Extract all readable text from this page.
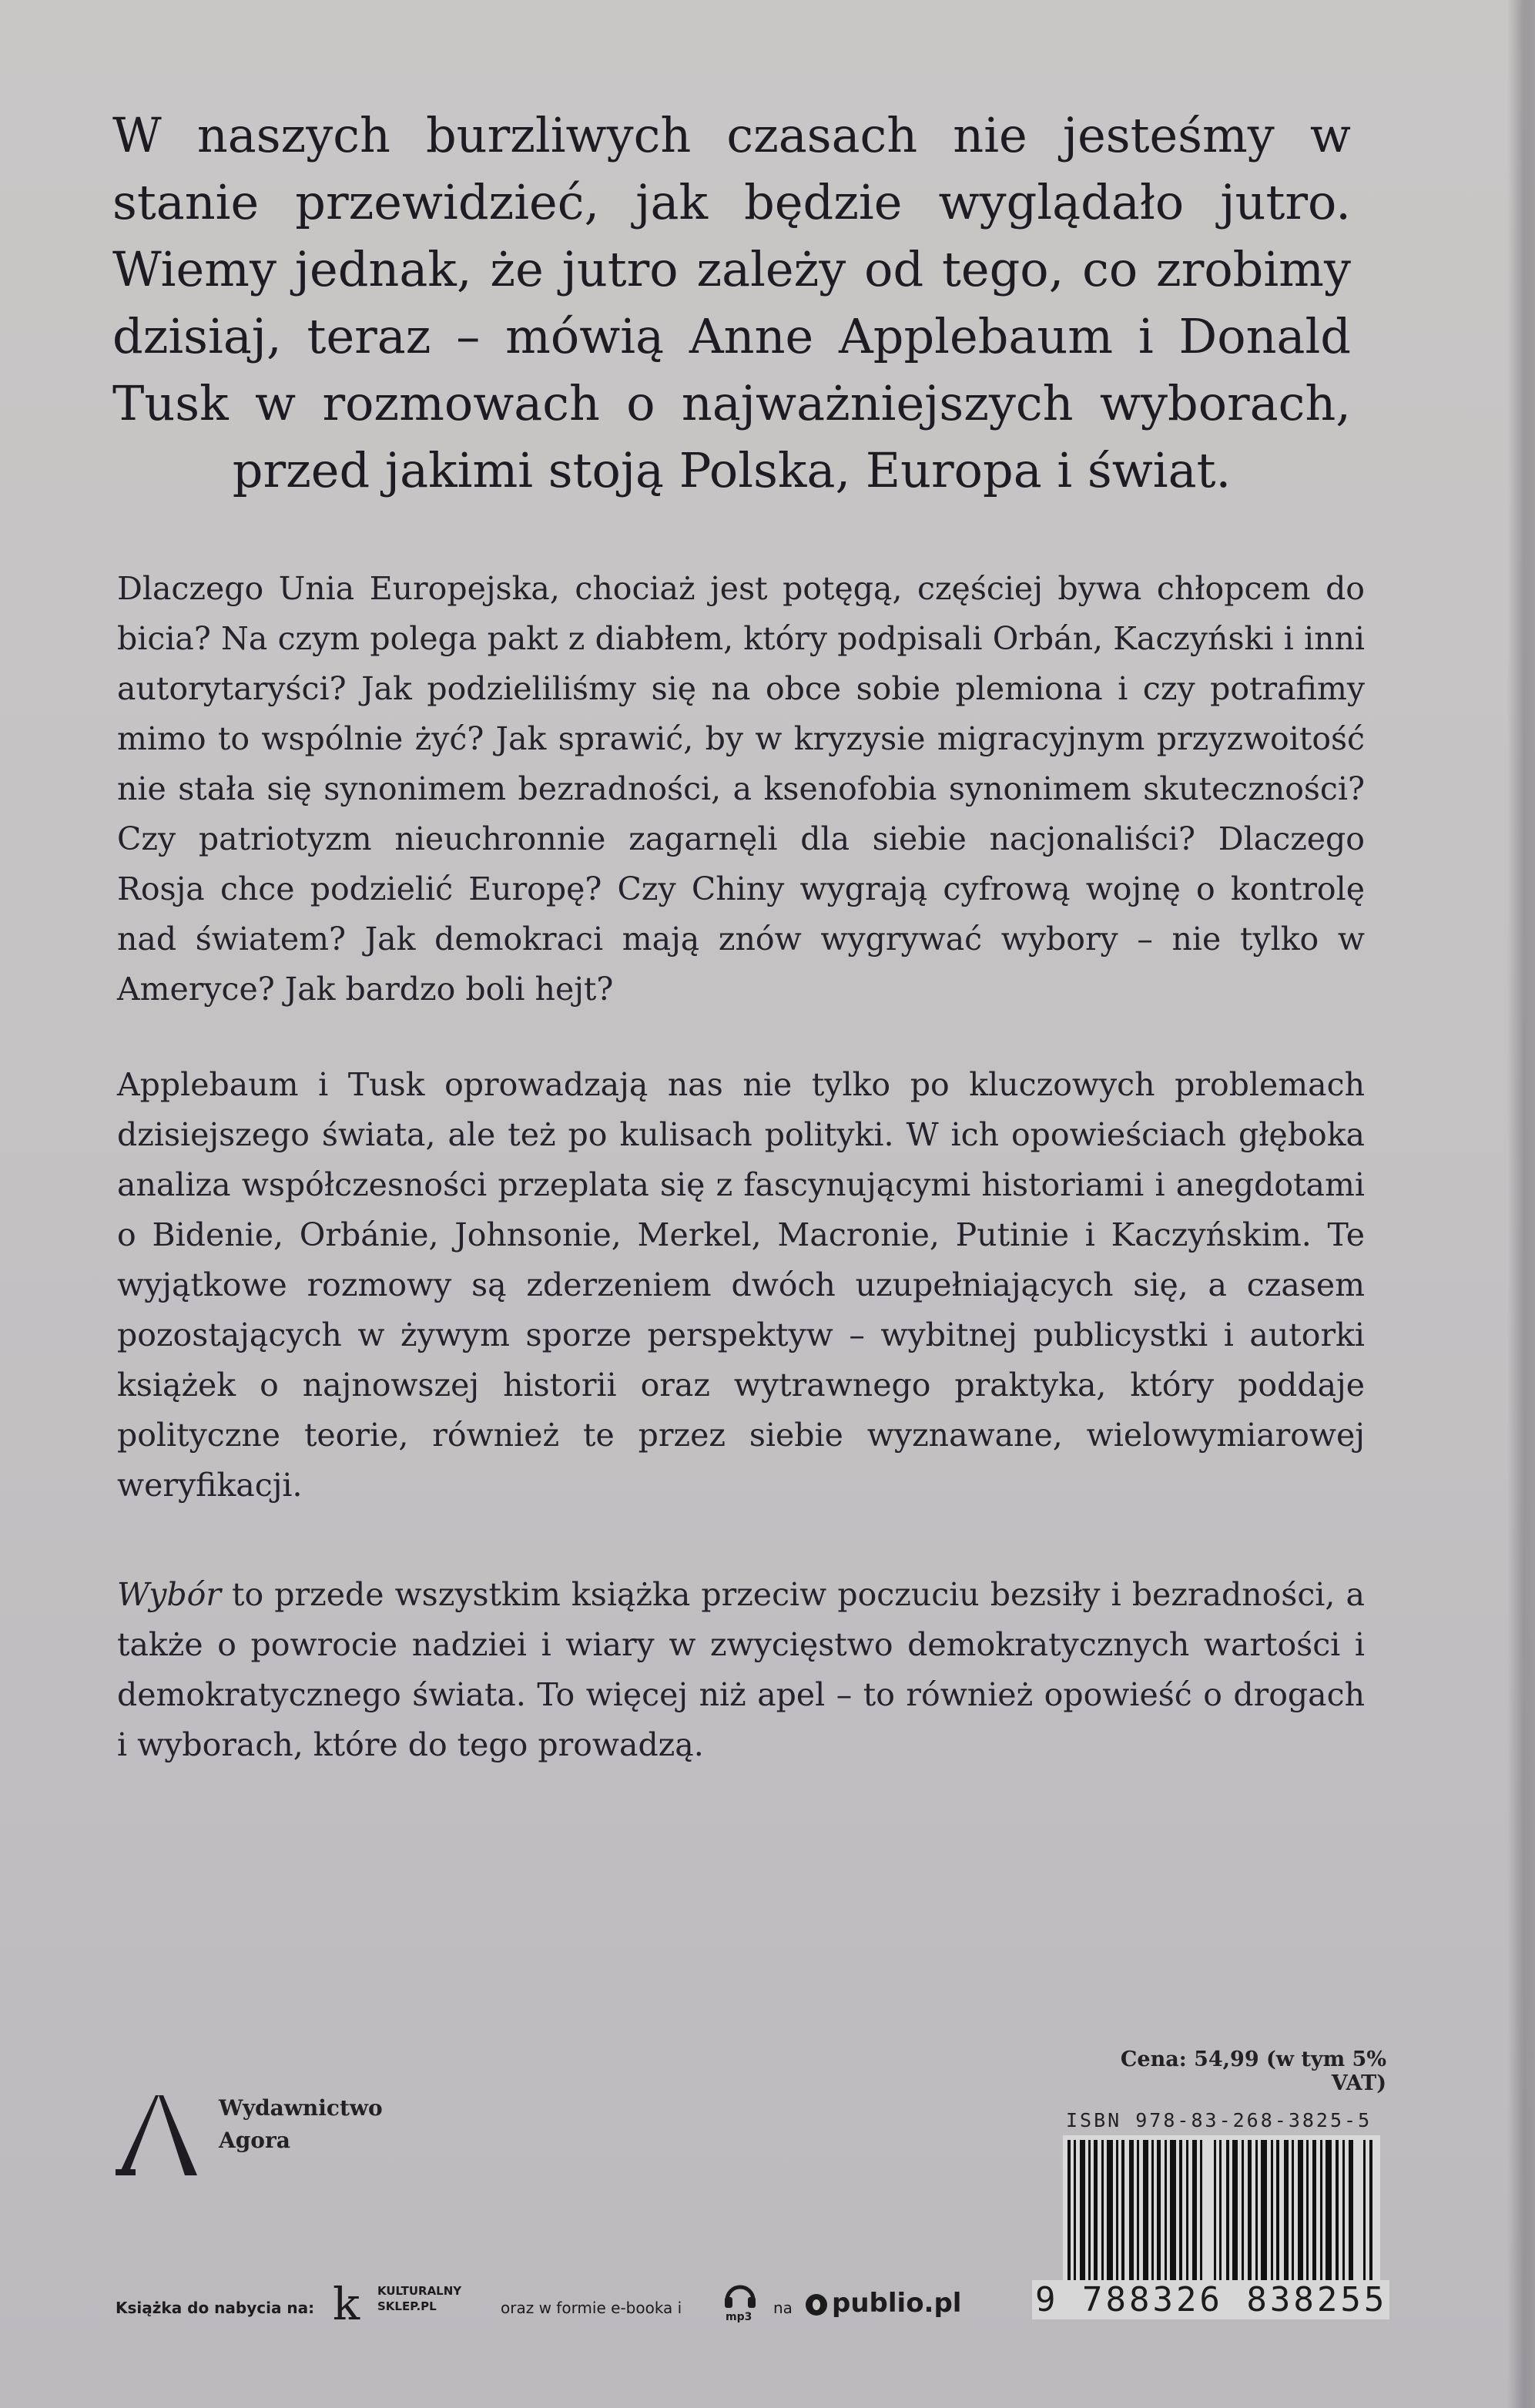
W naszych burzliwych czasach nie jesteśmy w stanie przewidzieć, jak będzie wyglądało jutro. Wiemy jednak, że jutro zależy od tego, co zrobimy dzisiaj, teraz – mówią Anne Applebaum i Donald Tusk w rozmowach o najważniejszych wyborach, przed jakimi stoją Polska, Europa i świat.

Dlaczego Unia Europejska, chociaż jest potęgą, częściej bywa chłopcem do bicia? Na czym polega pakt z diabłem, który podpisali Orbán, Kaczyński i inni autorytaryści? Jak podzieliliśmy się na obce sobie plemiona i czy potrafimy mimo to wspólnie żyć? Jak sprawić, by w kryzysie migracyjnym przyzwoitość nie stała się synonimem bezradności, a ksenofobia synonimem skuteczności? Czy patriotyzm nieuchronnie zagarnęli dla siebie nacjonaliści? Dlaczego Rosja chce podzielić Europę? Czy Chiny wygrają cyfrową wojnę o kontrolę nad światem? Jak demokraci mają znów wygrywać wybory – nie tylko w Ameryce? Jak bardzo boli hejt?

Applebaum i Tusk oprowadzają nas nie tylko po kluczowych problemach dzisiejszego świata, ale też po kulisach polityki. W ich opowieściach głęboka analiza współczesności przeplata się z fascynującymi historiami i anegdotami o Bidenie, Orbánie, Johnsonie, Merkel, Macronie, Putinie i Kaczyńskim. Te wyjątkowe rozmowy są zderzeniem dwóch uzupełniających się, a czasem pozostających w żywym sporze perspektyw – wybitnej publicystki i autorki książek o najnowszej historii oraz wytrawnego praktyka, który poddaje polityczne teorie, również te przez siebie wyznawane, wielowymiarowej weryfikacji.

Wybór to przede wszystkim książka przeciw poczuciu bezsiły i bezradności, a także o powrocie nadziei i wiary w zwycięstwo demokratycznych wartości i demokratycznego świata. To więcej niż apel – to również opowieść o drogach i wyborach, które do tego prowadzą.

Wydawnictwo
Agora
Cena: 54,99 (w tym 5% VAT)
ISBN 978-83-268-3825-5
9 788326 838255
Książka do nabycia na: k KULTURALNY
SKLEP.PL	oraz w formie e-booka i	mp3 na publio.pl
